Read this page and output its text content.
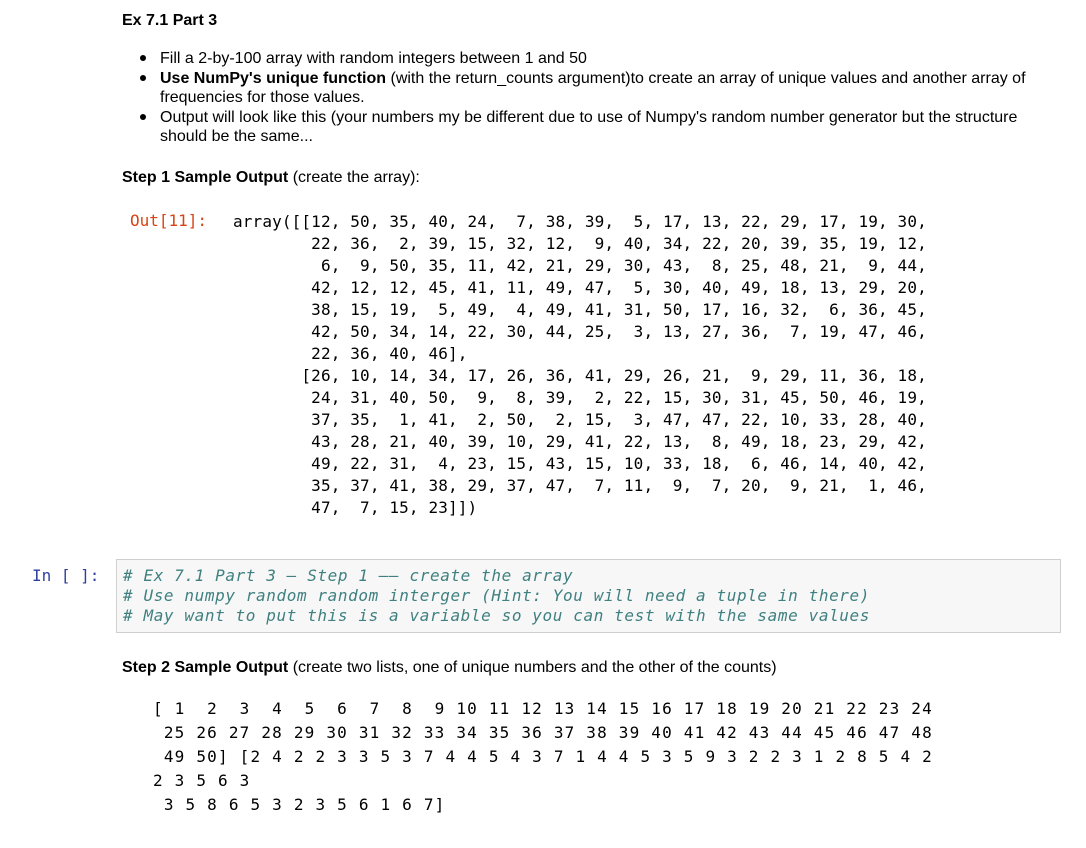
Ex 7.1 Part 3
• Fill a 2-by-100 array with random integers between 1 and 50
• Use NumPy's unique function (with the return_counts argument)to create an array of unique values and another array of frequencies for those values.
• Output will look like this (your numbers my be different due to use of Numpy's random number generator but the structure should be the same...
Step 1 Sample Output (create the array):
Out[11]: array([[12, 50, 35, 40, 24,  7, 38, 39,  5, 17, 13, 22, 29, 17, 19, 30,
22, 36,  2, 39, 15, 32, 12,  9, 40, 34, 22, 20, 39, 35, 19, 12,
6,  9, 50, 35, 11, 42, 21, 29, 30, 43,  8, 25, 48, 21,  9, 44,
42, 12, 12, 45, 41, 11, 49, 47,  5, 30, 40, 49, 18, 13, 29, 20,
38, 15, 19,  5, 49,  4, 49, 41, 31, 50, 17, 16, 32,  6, 36, 45,
42, 50, 34, 14, 22, 30, 44, 25,  3, 13, 27, 36,  7, 19, 47, 46,
22, 36, 40, 46],
[26, 10, 14, 34, 17, 26, 36, 41, 29, 26, 21,  9, 29, 11, 36, 18,
24, 31, 40, 50,  9,  8, 39,  2, 22, 15, 30, 31, 45, 50, 46, 19,
37, 35,  1, 41,  2, 50,  2, 15,  3, 47, 47, 22, 10, 33, 28, 40,
43, 28, 21, 40, 39, 10, 29, 41, 22, 13,  8, 49, 18, 23, 29, 42,
49, 22, 31,  4, 23, 15, 43, 15, 10, 33, 18,  6, 46, 14, 40, 42,
35, 37, 41, 38, 29, 37, 47,  7, 11,  9,  7, 20,  9, 21,  1, 46,
47,  7, 15, 23]])
In [ ]: # Ex 7.1 Part 3 – Step 1 –– create the array
# Use numpy random random interger (Hint: You will need a tuple in there)
# May want to put this is a variable so you can test with the same values
Step 2 Sample Output (create two lists, one of unique numbers and the other of the counts)
[ 1  2  3  4  5  6  7  8  9 10 11 12 13 14 15 16 17 18 19 20 21 22 23 24
25 26 27 28 29 30 31 32 33 34 35 36 37 38 39 40 41 42 43 44 45 46 47 48
49 50] [2 4 2 2 3 3 5 3 7 4 4 5 4 3 7 1 4 4 5 3 5 9 3 2 2 3 1 2 8 5 4 2
2 3 5 6 3
3 5 8 6 5 3 2 3 5 6 1 6 7]
